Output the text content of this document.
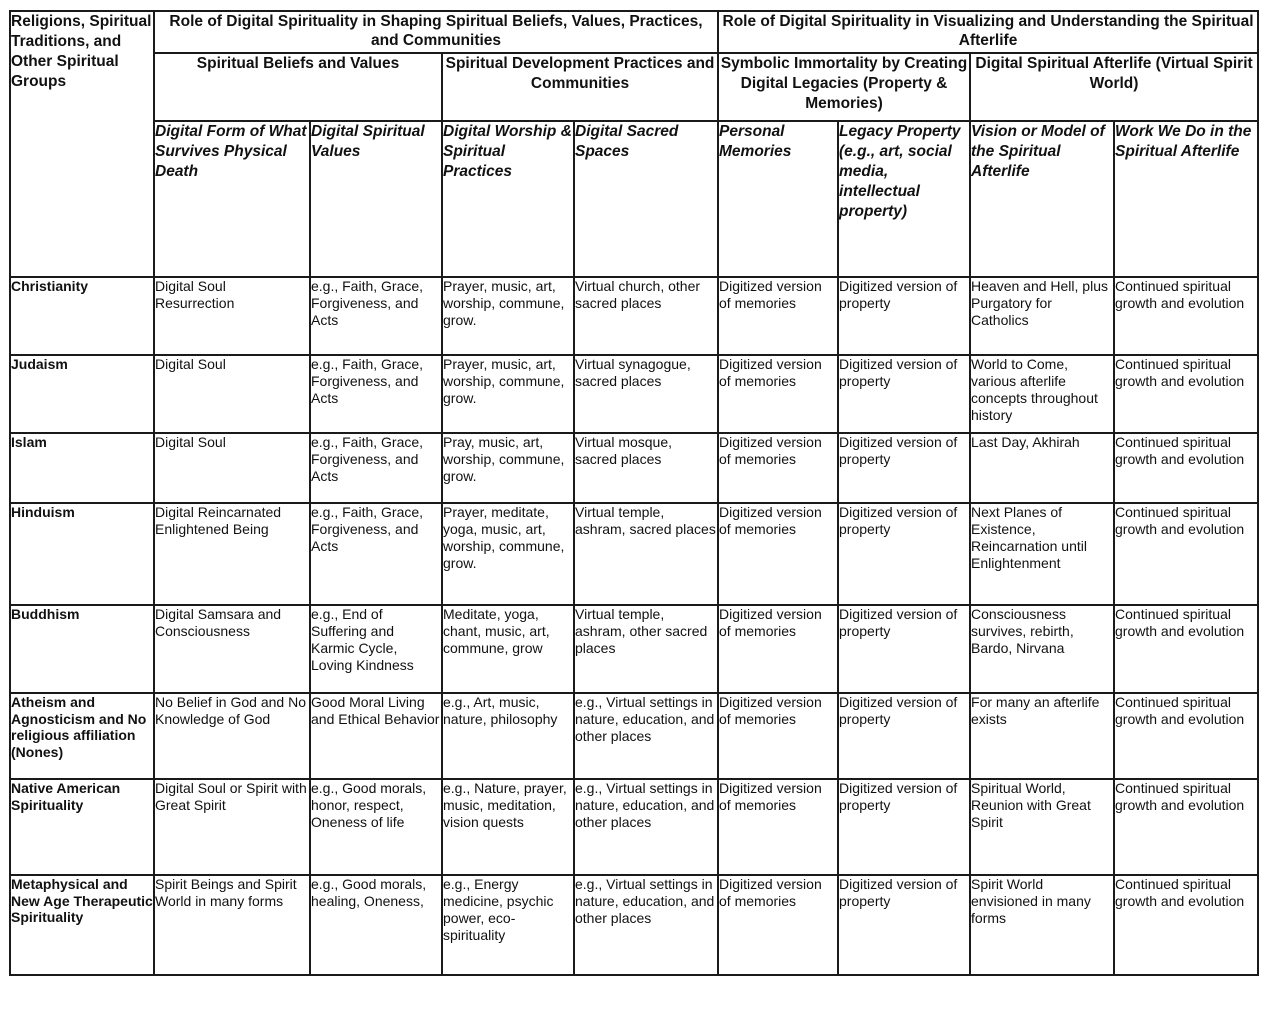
Religions, Spiritual Traditions, and Other Spiritual Groups	Role of Digital Spirituality in Shaping Spiritual Beliefs, Values, Practices, and Communities				Role of Digital Spirituality in Visualizing and Understanding the Spiritual Afterlife			
	Spiritual Beliefs and Values		Spiritual Development Practices and Communities		Symbolic Immortality by Creating Digital Legacies (Property & Memories)		Digital Spiritual Afterlife (Virtual Spirit World)	
	Digital Form of What Survives Physical Death	Digital Spiritual Values	Digital Worship & Spiritual Practices	Digital Sacred Spaces	Personal Memories	Legacy Property (e.g., art, social media, intellectual property)	Vision or Model of the Spiritual Afterlife	Work We Do in the Spiritual Afterlife
Christianity	Digital Soul Resurrection	e.g., Faith, Grace, Forgiveness, and Acts	Prayer, music, art, worship, commune, grow.	Virtual church, other sacred places	Digitized version of memories	Digitized version of property	Heaven and Hell, plus Purgatory for Catholics	Continued spiritual growth and evolution
Judaism	Digital Soul	e.g., Faith, Grace, Forgiveness, and Acts	Prayer, music, art, worship, commune, grow.	Virtual synagogue, sacred places	Digitized version of memories	Digitized version of property	World to Come, various afterlife concepts throughout history	Continued spiritual growth and evolution
Islam	Digital Soul	e.g., Faith, Grace, Forgiveness, and Acts	Pray, music, art, worship, commune, grow.	Virtual mosque, sacred places	Digitized version of memories	Digitized version of property	Last Day, Akhirah	Continued spiritual growth and evolution
Hinduism	Digital Reincarnated Enlightened Being	e.g., Faith, Grace, Forgiveness, and Acts	Prayer, meditate, yoga, music, art, worship, commune, grow.	Virtual temple, ashram, sacred places	Digitized version of memories	Digitized version of property	Next Planes of Existence, Reincarnation until Enlightenment	Continued spiritual growth and evolution
Buddhism	Digital Samsara and Consciousness	e.g., End of Suffering and Karmic Cycle, Loving Kindness	Meditate, yoga, chant, music, art, commune, grow	Virtual temple, ashram, other sacred places	Digitized version of memories	Digitized version of property	Consciousness survives, rebirth, Bardo, Nirvana	Continued spiritual growth and evolution
Atheism and Agnosticism and No religious affiliation (Nones)	No Belief in God and No Knowledge of God	Good Moral Living and Ethical Behavior	e.g., Art, music, nature, philosophy	e.g., Virtual settings in nature, education, and other places	Digitized version of memories	Digitized version of property	For many an afterlife exists	Continued spiritual growth and evolution
Native American Spirituality	Digital Soul or Spirit with Great Spirit	e.g., Good morals, honor, respect, Oneness of life	e.g., Nature, prayer, music, meditation, vision quests	e.g., Virtual settings in nature, education, and other places	Digitized version of memories	Digitized version of property	Spiritual World, Reunion with Great Spirit	Continued spiritual growth and evolution
Metaphysical and New Age Therapeutic Spirituality	Spirit Beings and Spirit World in many forms	e.g., Good morals, healing, Oneness,	e.g., Energy medicine, psychic power, eco-spirituality	e.g., Virtual settings in nature, education, and other places	Digitized version of memories	Digitized version of property	Spirit World envisioned in many forms	Continued spiritual growth and evolution
